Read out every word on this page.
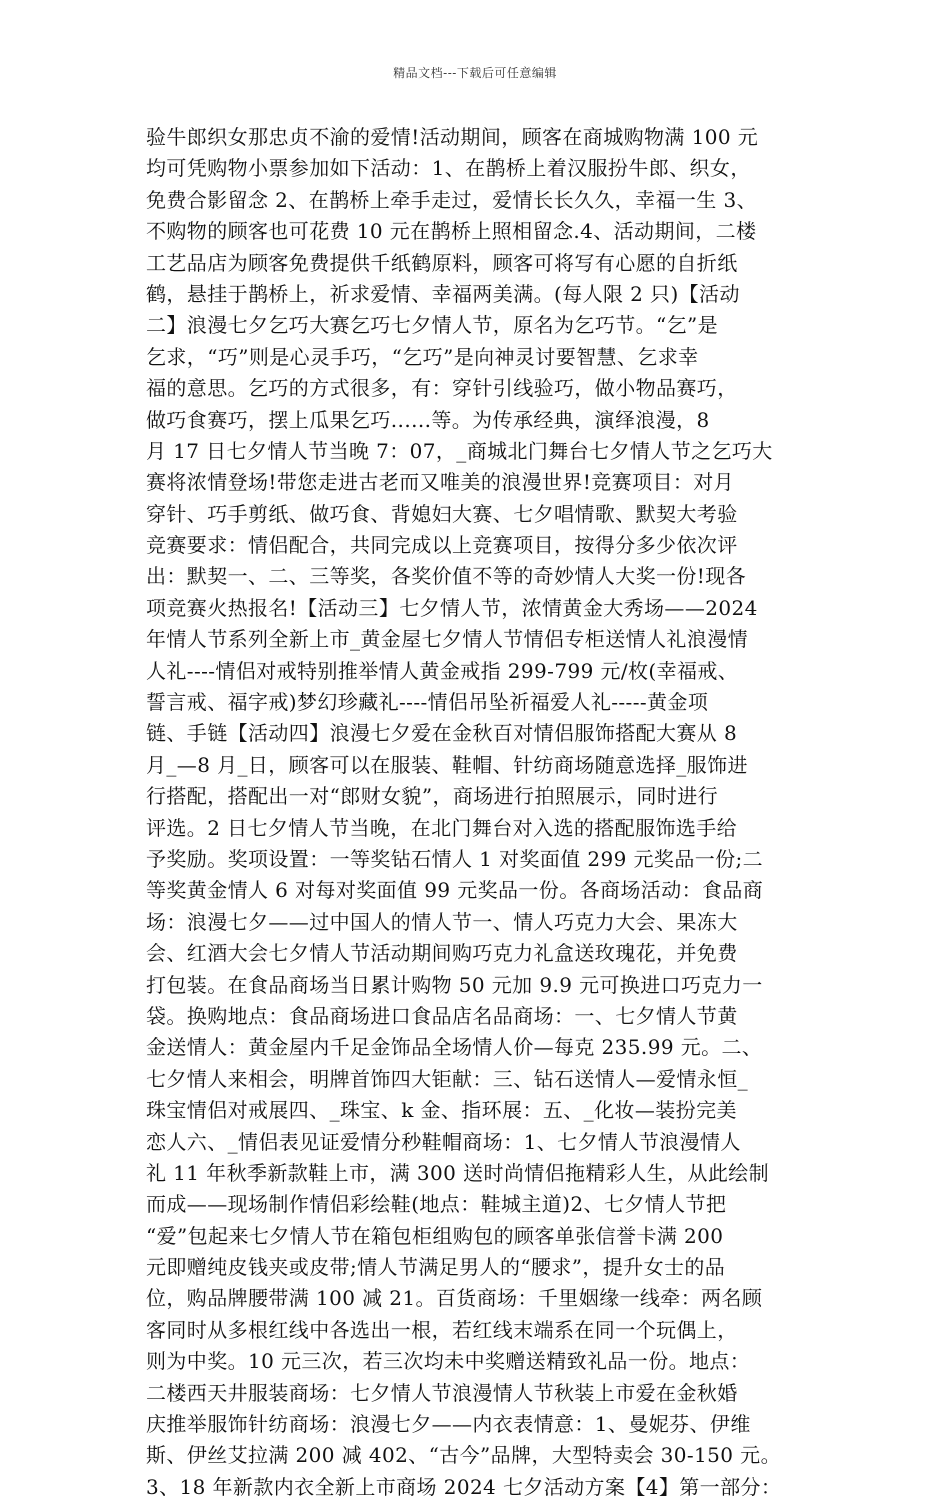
精品文档---下载后可任意编辑
验牛郎织女那忠贞不渝的爱情!活动期间，顾客在商城购物满 100 元
均可凭购物小票参加如下活动：1、在鹊桥上着汉服扮牛郎、织女，
免费合影留念 2、在鹊桥上牵手走过，爱情长长久久，幸福一生 3、
不购物的顾客也可花费 10 元在鹊桥上照相留念.4、活动期间，二楼
工艺品店为顾客免费提供千纸鹤原料，顾客可将写有心愿的自折纸
鹤，悬挂于鹊桥上，祈求爱情、幸福两美满。(每人限 2 只)【活动
二】浪漫七夕乞巧大赛乞巧七夕情人节，原名为乞巧节。“乞”是
乞求，“巧”则是心灵手巧，“乞巧”是向神灵讨要智慧、乞求幸
福的意思。乞巧的方式很多，有：穿针引线验巧，做小物品赛巧，
做巧食赛巧，摆上瓜果乞巧......等。为传承经典，演绎浪漫，8
月 17 日七夕情人节当晚 7：07，_商城北门舞台七夕情人节之乞巧大
赛将浓情登场!带您走进古老而又唯美的浪漫世界!竞赛项目：对月
穿针、巧手剪纸、做巧食、背媳妇大赛、七夕唱情歌、默契大考验
竞赛要求：情侣配合，共同完成以上竞赛项目，按得分多少依次评
出：默契一、二、三等奖，各奖价值不等的奇妙情人大奖一份!现各
项竞赛火热报名!【活动三】七夕情人节，浓情黄金大秀场——2024
年情人节系列全新上市_黄金屋七夕情人节情侣专柜送情人礼浪漫情
人礼----情侣对戒特别推举情人黄金戒指 299-799 元/枚(幸福戒、
誓言戒、福字戒)梦幻珍藏礼----情侣吊坠祈福爱人礼-----黄金项
链、手链【活动四】浪漫七夕爱在金秋百对情侣服饰搭配大赛从 8
月_—8 月_日，顾客可以在服装、鞋帽、针纺商场随意选择_服饰进
行搭配，搭配出一对“郎财女貌”，商场进行拍照展示，同时进行
评选。2 日七夕情人节当晚，在北门舞台对入选的搭配服饰选手给
予奖励。奖项设置：一等奖钻石情人 1 对奖面值 299 元奖品一份;二
等奖黄金情人 6 对每对奖面值 99 元奖品一份。各商场活动：食品商
场：浪漫七夕——过中国人的情人节一、情人巧克力大会、果冻大
会、红酒大会七夕情人节活动期间购巧克力礼盒送玫瑰花，并免费
打包装。在食品商场当日累计购物 50 元加 9.9 元可换进口巧克力一
袋。换购地点：食品商场进口食品店名品商场：一、七夕情人节黄
金送情人：黄金屋内千足金饰品全场情人价—每克 235.99 元。二、
七夕情人来相会，明牌首饰四大钜献：三、钻石送情人—爱情永恒_
珠宝情侣对戒展四、_珠宝、k 金、指环展：五、_化妆—装扮完美
恋人六、_情侣表见证爱情分秒鞋帽商场：1、七夕情人节浪漫情人
礼 11 年秋季新款鞋上市，满 300 送时尚情侣拖精彩人生，从此绘制
而成——现场制作情侣彩绘鞋(地点：鞋城主道)2、七夕情人节把
“爱”包起来七夕情人节在箱包柜组购包的顾客单张信誉卡满 200
元即赠纯皮钱夹或皮带;情人节满足男人的“腰求”，提升女士的品
位，购品牌腰带满 100 减 21。百货商场：千里姻缘一线牵：两名顾
客同时从多根红线中各选出一根，若红线末端系在同一个玩偶上，
则为中奖。10 元三次，若三次均未中奖赠送精致礼品一份。地点：
二楼西天井服装商场：七夕情人节浪漫情人节秋装上市爱在金秋婚
庆推举服饰针纺商场：浪漫七夕——内衣表情意：1、曼妮芬、伊维
斯、伊丝艾拉满 200 减 402、“古今”品牌，大型特卖会 30-150 元。
3、18 年新款内衣全新上市商场 2024 七夕活动方案【4】第一部分：
